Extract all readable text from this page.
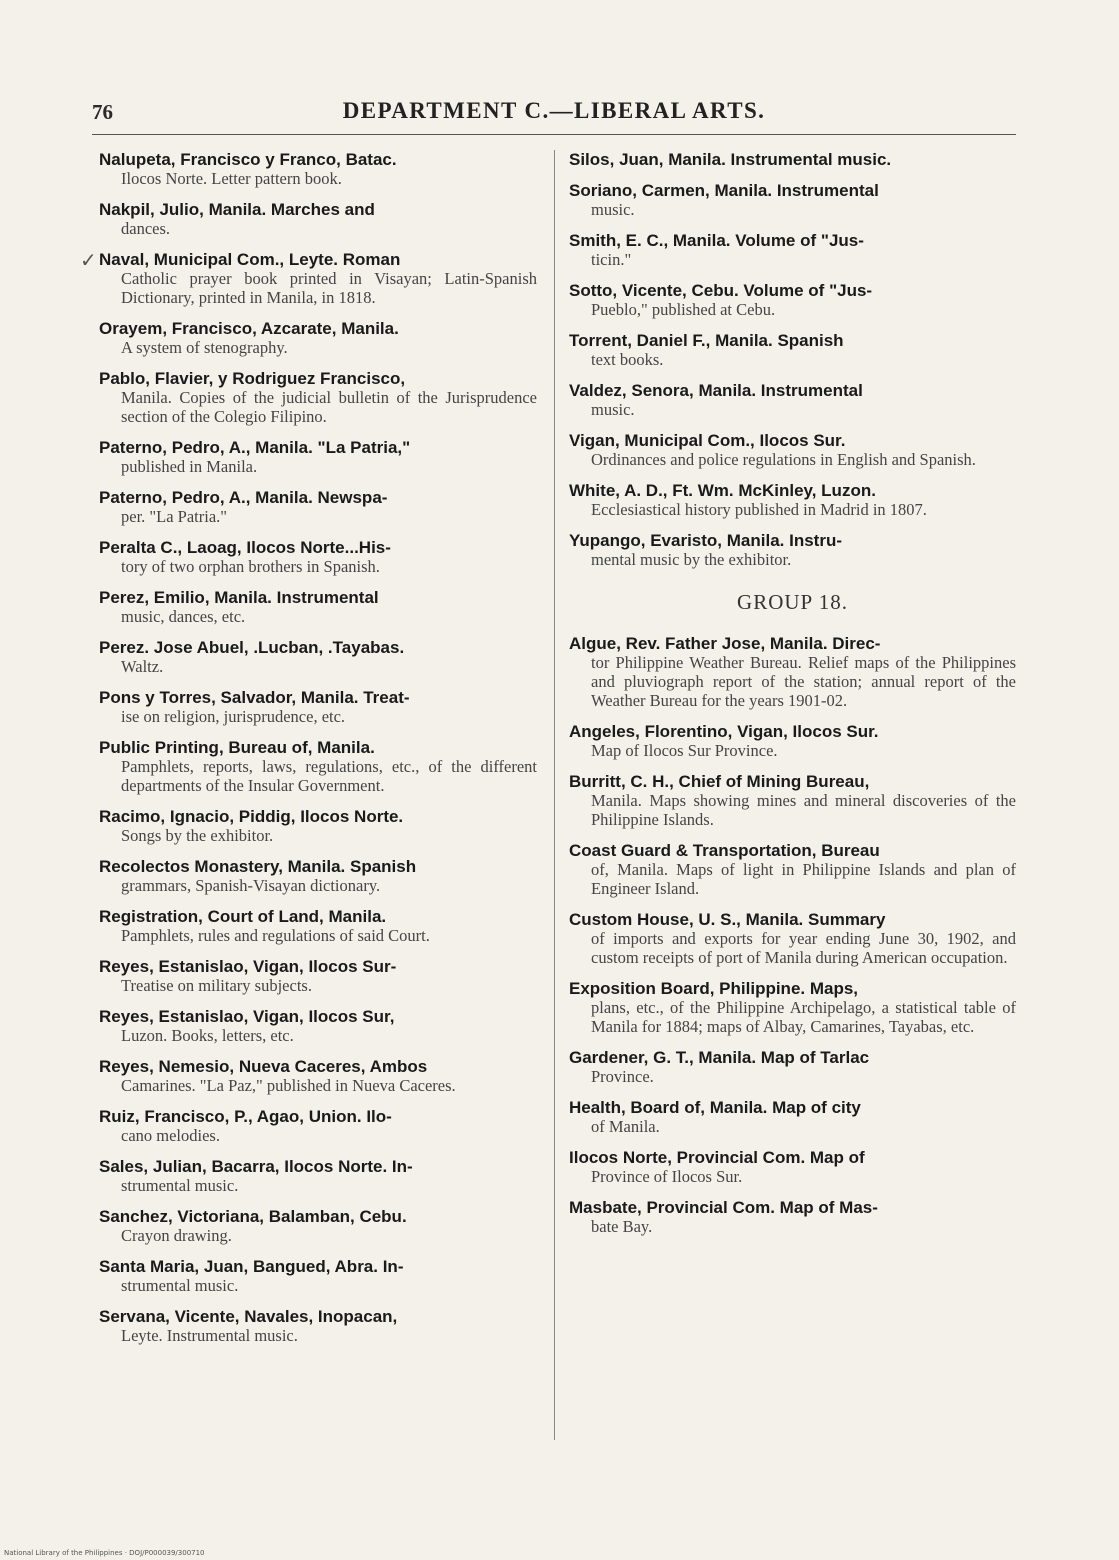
76	DEPARTMENT C.—LIBERAL ARTS.
✓
Nalupeta, Francisco y Franco, Batac.
Ilocos Norte. Letter pattern book.
Nakpil, Julio, Manila. Marches and
dances.
Naval, Municipal Com., Leyte. Roman
Catholic prayer book printed in Visayan; Latin-Spanish Dictionary, printed in Manila, in 1818.
Orayem, Francisco, Azcarate, Manila.
A system of stenography.
Pablo, Flavier, y Rodriguez Francisco,
Manila. Copies of the judicial bulletin of the Jurisprudence section of the Colegio Filipino.
Paterno, Pedro, A., Manila. "La Patria,"
published in Manila.
Paterno, Pedro, A., Manila. Newspa-
per. "La Patria."
Peralta C., Laoag, Ilocos Norte...His-
tory of two orphan brothers in Spanish.
Perez, Emilio, Manila. Instrumental
music, dances, etc.
Perez. Jose Abuel, .Lucban, .Tayabas.
Waltz.
Pons y Torres, Salvador, Manila. Treat-
ise on religion, jurisprudence, etc.
Public Printing, Bureau of, Manila.
Pamphlets, reports, laws, regulations, etc., of the different departments of the Insular Government.
Racimo, Ignacio, Piddig, Ilocos Norte.
Songs by the exhibitor.
Recolectos Monastery, Manila. Spanish
grammars, Spanish-Visayan dictionary.
Registration, Court of Land, Manila.
Pamphlets, rules and regulations of said Court.
Reyes, Estanislao, Vigan, Ilocos Sur-
Treatise on military subjects.
Reyes, Estanislao, Vigan, Ilocos Sur,
Luzon. Books, letters, etc.
Reyes, Nemesio, Nueva Caceres, Ambos
Camarines. "La Paz," published in Nueva Caceres.
Ruiz, Francisco, P., Agao, Union. Ilo-
cano melodies.
Sales, Julian, Bacarra, Ilocos Norte. In-
strumental music.
Sanchez, Victoriana, Balamban, Cebu.
Crayon drawing.
Santa Maria, Juan, Bangued, Abra. In-
strumental music.
Servana, Vicente, Navales, Inopacan,
Leyte. Instrumental music.
Silos, Juan, Manila. Instrumental music.
Soriano, Carmen, Manila. Instrumental
music.
Smith, E. C., Manila. Volume of "Jus-
ticin."
Sotto, Vicente, Cebu. Volume of "Jus-
Pueblo," published at Cebu.
Torrent, Daniel F., Manila. Spanish
text books.
Valdez, Senora, Manila. Instrumental
music.
Vigan, Municipal Com., Ilocos Sur.
Ordinances and police regulations in English and Spanish.
White, A. D., Ft. Wm. McKinley, Luzon.
Ecclesiastical history published in Madrid in 1807.
Yupango, Evaristo, Manila. Instru-
mental music by the exhibitor.
GROUP 18.
Algue, Rev. Father Jose, Manila. Direc-
tor Philippine Weather Bureau. Relief maps of the Philippines and pluviograph report of the station; annual report of the Weather Bureau for the years 1901-02.
Angeles, Florentino, Vigan, Ilocos Sur.
Map of Ilocos Sur Province.
Burritt, C. H., Chief of Mining Bureau,
Manila. Maps showing mines and mineral discoveries of the Philippine Islands.
Coast Guard & Transportation, Bureau
of, Manila. Maps of light in Philippine Islands and plan of Engineer Island.
Custom House, U. S., Manila. Summary
of imports and exports for year ending June 30, 1902, and custom receipts of port of Manila during American occupation.
Exposition Board, Philippine. Maps,
plans, etc., of the Philippine Archipelago, a statistical table of Manila for 1884; maps of Albay, Camarines, Tayabas, etc.
Gardener, G. T., Manila. Map of Tarlac
Province.
Health, Board of, Manila. Map of city
of Manila.
Ilocos Norte, Provincial Com. Map of
Province of Ilocos Sur.
Masbate, Provincial Com. Map of Mas-
bate Bay.
National Library of the Philippines · DOJ/P000039/300710
